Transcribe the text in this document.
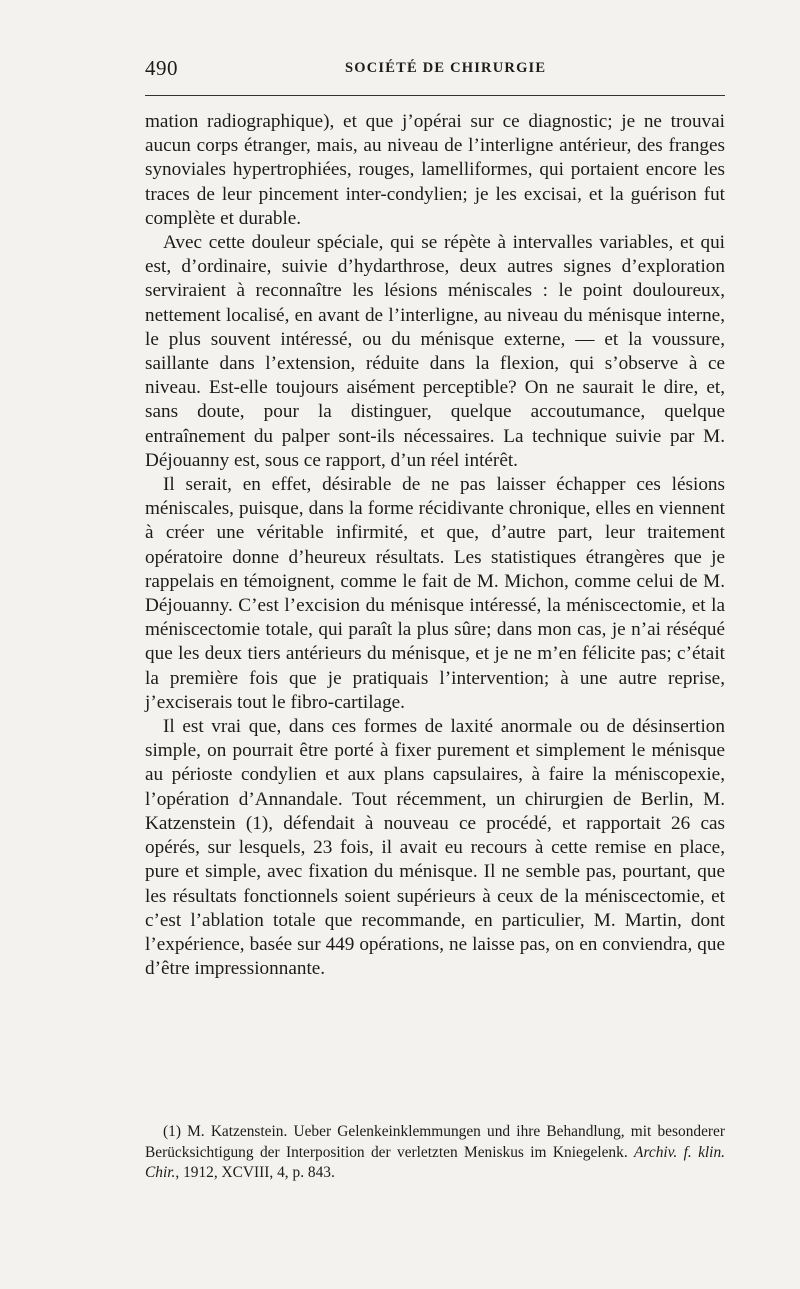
490	SOCIÉTÉ DE CHIRURGIE

mation radiographique), et que j’opérai sur ce diagnostic; je ne trouvai aucun corps étranger, mais, au niveau de l’interligne antérieur, des franges synoviales hypertrophiées, rouges, lamelliformes, qui portaient encore les traces de leur pincement inter-condylien; je les excisai, et la guérison fut complète et durable.

Avec cette douleur spéciale, qui se répète à intervalles variables, et qui est, d’ordinaire, suivie d’hydarthrose, deux autres signes d’exploration serviraient à reconnaître les lésions méniscales : le point douloureux, nettement localisé, en avant de l’interligne, au niveau du ménisque interne, le plus souvent intéressé, ou du ménisque externe, — et la voussure, saillante dans l’extension, réduite dans la flexion, qui s’observe à ce niveau. Est-elle toujours aisément perceptible? On ne saurait le dire, et, sans doute, pour la distinguer, quelque accoutumance, quelque entraînement du palper sont-ils nécessaires. La technique suivie par M. Déjouanny est, sous ce rapport, d’un réel intérêt.

Il serait, en effet, désirable de ne pas laisser échapper ces lésions méniscales, puisque, dans la forme récidivante chronique, elles en viennent à créer une véritable infirmité, et que, d’autre part, leur traitement opératoire donne d’heureux résultats. Les statistiques étrangères que je rappelais en témoignent, comme le fait de M. Michon, comme celui de M. Déjouanny. C’est l’excision du ménisque intéressé, la méniscectomie, et la méniscectomie totale, qui paraît la plus sûre; dans mon cas, je n’ai réséqué que les deux tiers antérieurs du ménisque, et je ne m’en félicite pas; c’était la première fois que je pratiquais l’intervention; à une autre reprise, j’exciserais tout le fibro-cartilage.

Il est vrai que, dans ces formes de laxité anormale ou de désinsertion simple, on pourrait être porté à fixer purement et simplement le ménisque au périoste condylien et aux plans capsulaires, à faire la méniscopexie, l’opération d’Annandale. Tout récemment, un chirurgien de Berlin, M. Katzenstein (1), défendait à nouveau ce procédé, et rapportait 26 cas opérés, sur lesquels, 23 fois, il avait eu recours à cette remise en place, pure et simple, avec fixation du ménisque. Il ne semble pas, pourtant, que les résultats fonctionnels soient supérieurs à ceux de la méniscectomie, et c’est l’ablation totale que recommande, en particulier, M. Martin, dont l’expérience, basée sur 449 opérations, ne laisse pas, on en conviendra, que d’être impressionnante.

(1) M. Katzenstein. Ueber Gelenkeinklemmungen und ihre Behandlung, mit besonderer Berücksichtigung der Interposition der verletzten Meniskus im Kniegelenk. Archiv. f. klin. Chir., 1912, XCVIII, 4, p. 843.
